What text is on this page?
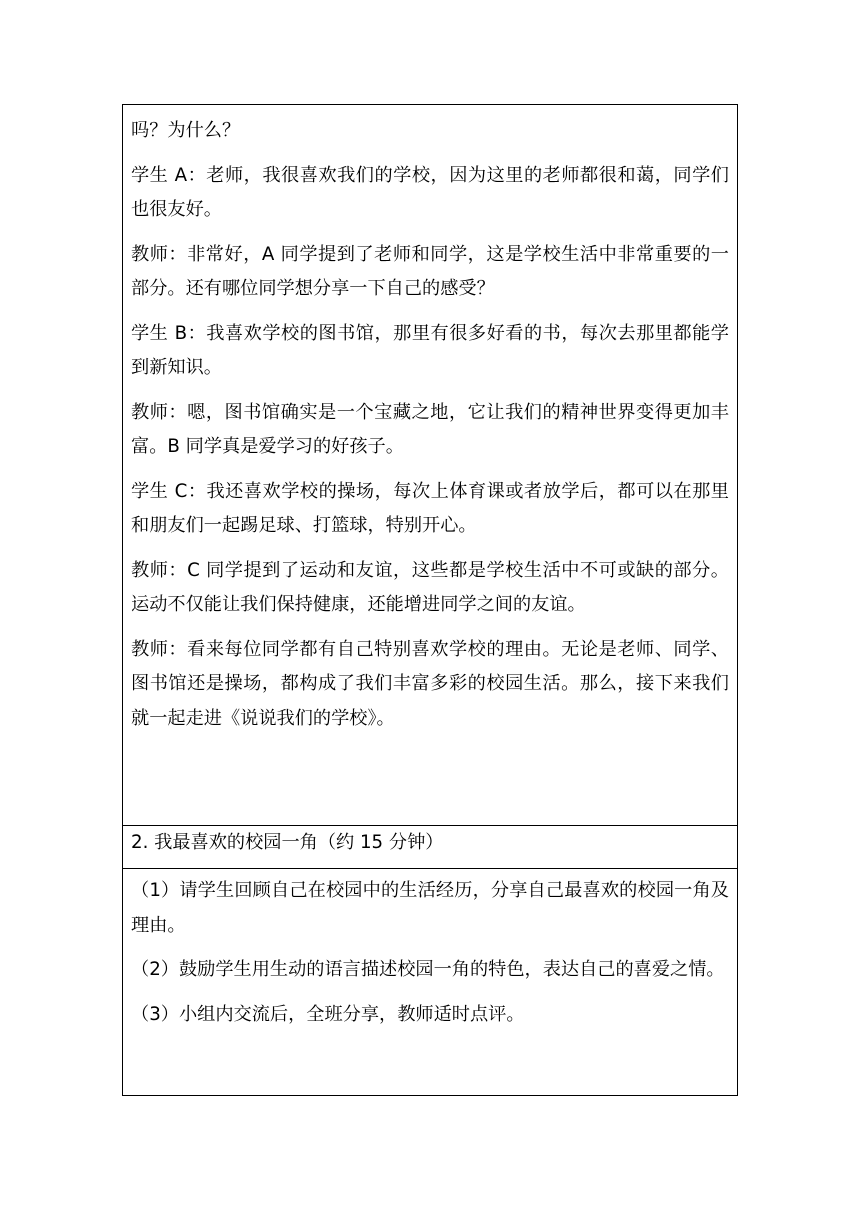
吗？为什么？

学生 A：老师，我很喜欢我们的学校，因为这里的老师都很和蔼，同学们也很友好。

教师：非常好，A 同学提到了老师和同学，这是学校生活中非常重要的一部分。还有哪位同学想分享一下自己的感受？

学生 B：我喜欢学校的图书馆，那里有很多好看的书，每次去那里都能学到新知识。

教师：嗯，图书馆确实是一个宝藏之地，它让我们的精神世界变得更加丰富。B 同学真是爱学习的好孩子。

学生 C：我还喜欢学校的操场，每次上体育课或者放学后，都可以在那里和朋友们一起踢足球、打篮球，特别开心。

教师：C 同学提到了运动和友谊，这些都是学校生活中不可或缺的部分。运动不仅能让我们保持健康，还能增进同学之间的友谊。

教师：看来每位同学都有自己特别喜欢学校的理由。无论是老师、同学、图书馆还是操场，都构成了我们丰富多彩的校园生活。那么，接下来我们就一起走进《说说我们的学校》。

2. 我最喜欢的校园一角（约 15 分钟）

（1）请学生回顾自己在校园中的生活经历，分享自己最喜欢的校园一角及理由。

（2）鼓励学生用生动的语言描述校园一角的特色，表达自己的喜爱之情。

（3）小组内交流后，全班分享，教师适时点评。
